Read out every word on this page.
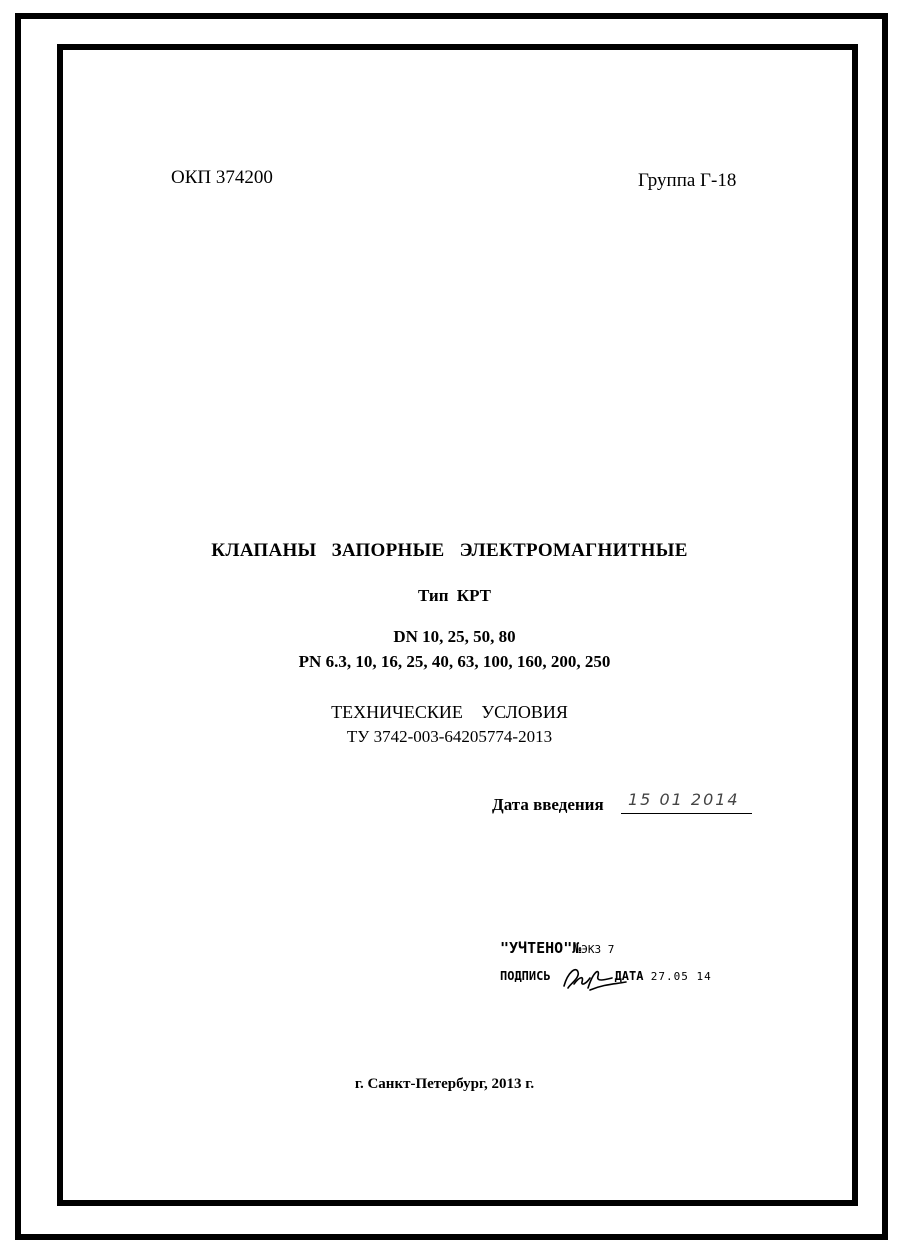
ОКП 374200	Группа Г-18
КЛАПАНЫ ЗАПОРНЫЕ ЭЛЕКТРОМАГНИТНЫЕ
Тип КРТ
DN 10, 25, 50, 80
PN 6.3, 10, 16, 25, 40, 63, 100, 160, 200, 250
ТЕХНИЧЕСКИЕ УСЛОВИЯ
ТУ 3742-003-64205774-2013
Дата введения 15 01 2014
"УЧТЕНО"№ЭКЗ 7
ПОДПИСЬ	ДАТА 27.05 14
г. Санкт-Петербург, 2013 г.
